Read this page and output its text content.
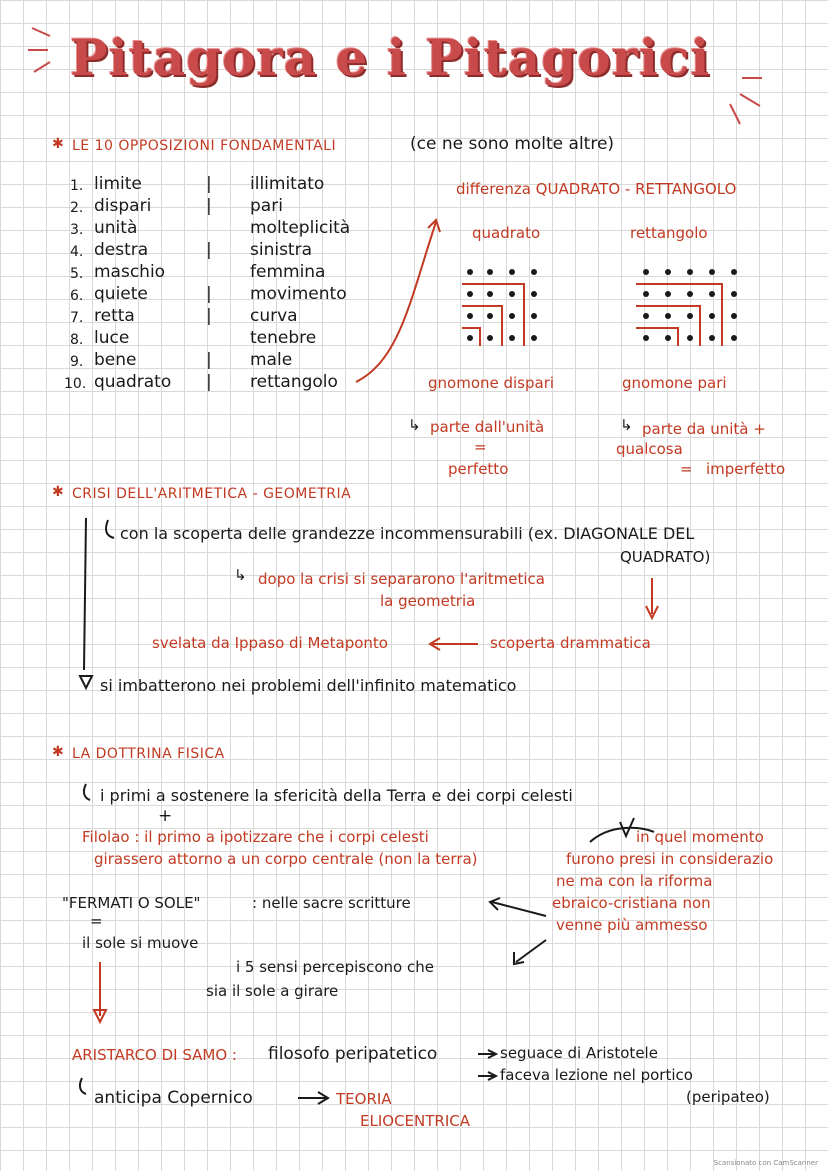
Pitagora e i Pitagorici
✱ LE 10 OPPOSIZIONI FONDAMENTALI	(ce ne sono molte altre)
1. limite	| illimitato
2. dispari	| pari
3. unità	molteplicità
4. destra	| sinistra
5. maschio	femmina
6. quiete	| movimento
7. retta	| curva
8. luce	tenebre
9. bene	| male
10. quadrato | rettangolo
differenza QUADRATO - RETTANGOLO
quadrato	rettangolo
gnomone dispari	gnomone pari
↳ parte dall'unità
=
perfetto
↳ parte da unità +
qualcosa
= imperfetto
✱ CRISI DELL'ARITMETICA - GEOMETRIA
con la scoperta delle grandezze incommensurabili (ex. DIAGONALE DEL
QUADRATO)
↳ dopo la crisi si separarono l'aritmetica
la geometria
svelata da Ippaso di Metaponto	scoperta drammatica
si imbatterono nei problemi dell'infinito matematico
✱ LA DOTTRINA FISICA
i primi a sostenere la sfericità della Terra e dei corpi celesti
+
Filolao : il primo a ipotizzare che i corpi celesti
girassero attorno a un corpo centrale (non la terra)
in quel momento
furono presi in considerazio
ne ma con la riforma
ebraico-cristiana non
venne più ammesso
"FERMATI O SOLE"	: nelle sacre scritture
=
il sole si muove
i 5 sensi percepiscono che
sia il sole a girare
ARISTARCO DI SAMO : filosofo peripatetico	seguace di Aristotele
faceva lezione nel portico
(peripateo)
anticipa Copernico	TEORIA
ELIOCENTRICA
Scansionato con CamScanner
